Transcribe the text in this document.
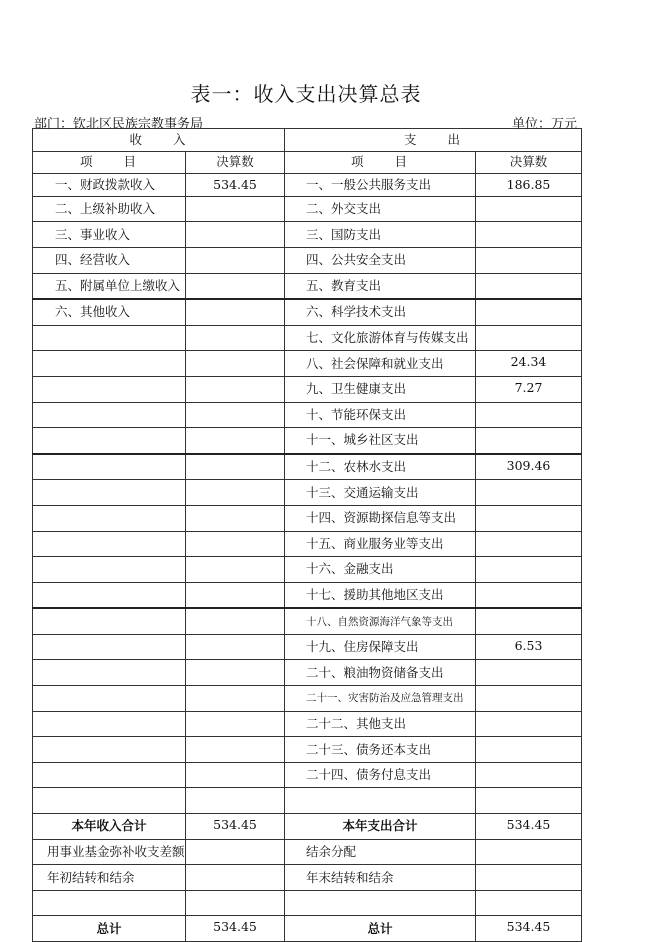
表一：收入支出决算总表
部门：钦北区民族宗教事务局	单位：万元
收　　入		支　　出	
项　　目	决算数	项　　目	决算数
一、财政拨款收入	534.45	一、一般公共服务支出	186.85
二、上级补助收入		二、外交支出	
三、事业收入		三、国防支出	
四、经营收入		四、公共安全支出	
五、附属单位上缴收入		五、教育支出	
六、其他收入		六、科学技术支出	
		七、文化旅游体育与传媒支出	
		八、社会保障和就业支出	24.34
		九、卫生健康支出	7.27
		十、节能环保支出	
		十一、城乡社区支出	
		十二、农林水支出	309.46
		十三、交通运输支出	
		十四、资源勘探信息等支出	
		十五、商业服务业等支出	
		十六、金融支出	
		十七、援助其他地区支出	
		十八、自然资源海洋气象等支出	
		十九、住房保障支出	6.53
		二十、粮油物资储备支出	
		二十一、灾害防治及应急管理支出	
		二十二、其他支出	
		二十三、债务还本支出	
		二十四、债务付息支出	

本年收入合计	534.45	本年支出合计	534.45
用事业基金弥补收支差额		结余分配	
年初结转和结余		年末结转和结余	

总计	534.45	总计	534.45
